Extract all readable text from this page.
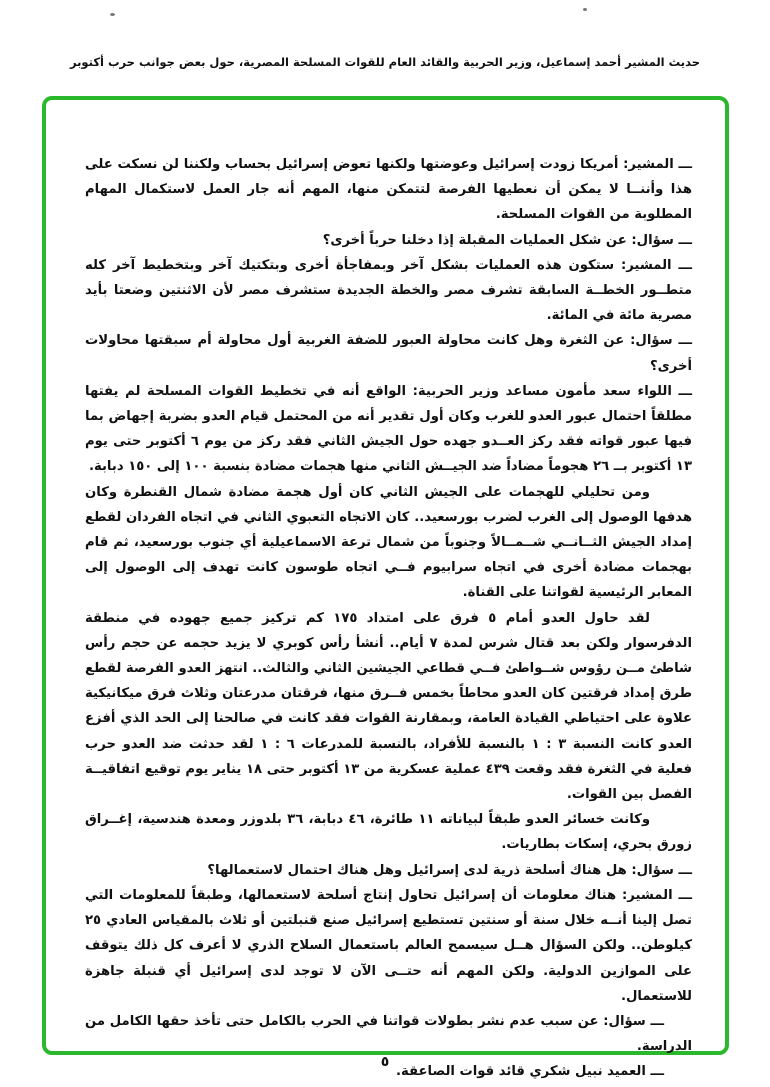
حديث المشير أحمد إسماعيل، وزير الحربية والقائد العام للقوات المسلحة المصرية، حول بعض جوانب حرب أكتوبر

ـــ المشير: أمريكا زودت إسرائيل وعوضتها ولكنها تعوض إسرائيل بحساب ولكننا لن نسكت على هذا وأننــا لا يمكن أن نعطيها الفرصة لتتمكن منها، المهم أنه جار العمل لاستكمال المهام المطلوبة من القوات المسلحة.

ـــ سؤال: عن شكل العمليات المقبلة إذا دخلنا حرباً أخرى؟

ـــ المشير: ستكون هذه العمليات بشكل آخر وبمفاجأة أخرى وبتكتيك آخر وبتخطيط آخر كله متطــور الخطــة السابقة تشرف مصر والخطة الجديدة ستشرف مصر لأن الاثنتين وضعتا بأيد مصرية مائة في المائة.

ـــ سؤال: عن الثغرة وهل كانت محاولة العبور للضفة الغربية أول محاولة أم سبقتها محاولات أخرى؟

ـــ اللواء سعد مأمون مساعد وزير الحربية: الواقع أنه في تخطيط القوات المسلحة لم يفتها مطلقاً احتمال عبور العدو للغرب وكان أول تقدير أنه من المحتمل قيام العدو بضربة إجهاض بما فيها عبور قواته فقد ركز العــدو جهده حول الجيش الثاني فقد ركز من يوم ٦ أكتوبر حتى يوم ١٣ أكتوبر بــ ٢٦ هجوماً مضاداً ضد الجيــش الثاني منها هجمات مضادة بنسبة ١٠٠ إلى ١٥٠ دبابة.

ومن تحليلي للهجمات على الجيش الثاني كان أول هجمة مضادة شمال القنطرة وكان هدفها الوصول إلى الغرب لضرب بورسعيد.. كان الاتجاه التعبوي الثاني في اتجاه الفردان لقطع إمداد الجيش الثــانــي شــمــالاً وجنوباً من شمال ترعة الاسماعيلية أي جنوب بورسعيد، ثم قام بهجمات مضادة أخرى في اتجاه سرابيوم فــي اتجاه طوسون كانت تهدف إلى الوصول إلى المعابر الرئيسية لقواتنا على القناة.

لقد حاول العدو أمام ٥ فرق على امتداد ١٧٥ كم تركيز جميع جهوده في منطقة الدفرسوار ولكن بعد قتال شرس لمدة ٧ أيام.. أنشأ رأس كوبري لا يزيد حجمه عن حجم رأس شاطئ مــن رؤوس شــواطئ فــي قطاعي الجيشين الثاني والثالث.. انتهز العدو الفرصة لقطع طرق إمداد فرقتين كان العدو محاطاً بخمس فــرق منها، فرقتان مدرعتان وثلاث فرق ميكانيكية علاوة على احتياطي القيادة العامة، وبمقارنة القوات فقد كانت في صالحنا إلى الحد الذي أفزع العدو كانت النسبة ٣ : ١ بالنسبة للأفراد، بالنسبة للمدرعات ٦ : ١ لقد حدثت ضد العدو حرب فعلية في الثغرة فقد وقعت ٤٣٩ عملية عسكرية من ١٣ أكتوبر حتى ١٨ يناير يوم توقيع اتفاقيــة الفصل بين القوات.

وكانت خسائر العدو طبقاً لبياناته ١١ طائرة، ٤٦ دبابة، ٣٦ بلدوزر ومعدة هندسية، إغــراق زورق بحري، إسكات بطاريات.

ـــ سؤال: هل هناك أسلحة ذرية لدى إسرائيل وهل هناك احتمال لاستعمالها؟

ـــ المشير: هناك معلومات أن إسرائيل تحاول إنتاج أسلحة لاستعمالها، وطبقاً للمعلومات التي تصل إلينا أنــه خلال سنة أو سنتين تستطيع إسرائيل صنع قنبلتين أو ثلاث بالمقياس العادي ٢٥ كيلوطن.. ولكن السؤال هــل سيسمح العالم باستعمال السلاح الذري لا أعرف كل ذلك يتوقف على الموازين الدولية. ولكن المهم أنه حتــى الآن لا توجد لدى إسرائيل أي قنبلة جاهزة للاستعمال.

ـــ سؤال: عن سبب عدم نشر بطولات قواتنا في الحرب بالكامل حتى تأخذ حقها الكامل من الدراسة.

ـــ العميد نبيل شكري قائد قوات الصاعقة.

٥
